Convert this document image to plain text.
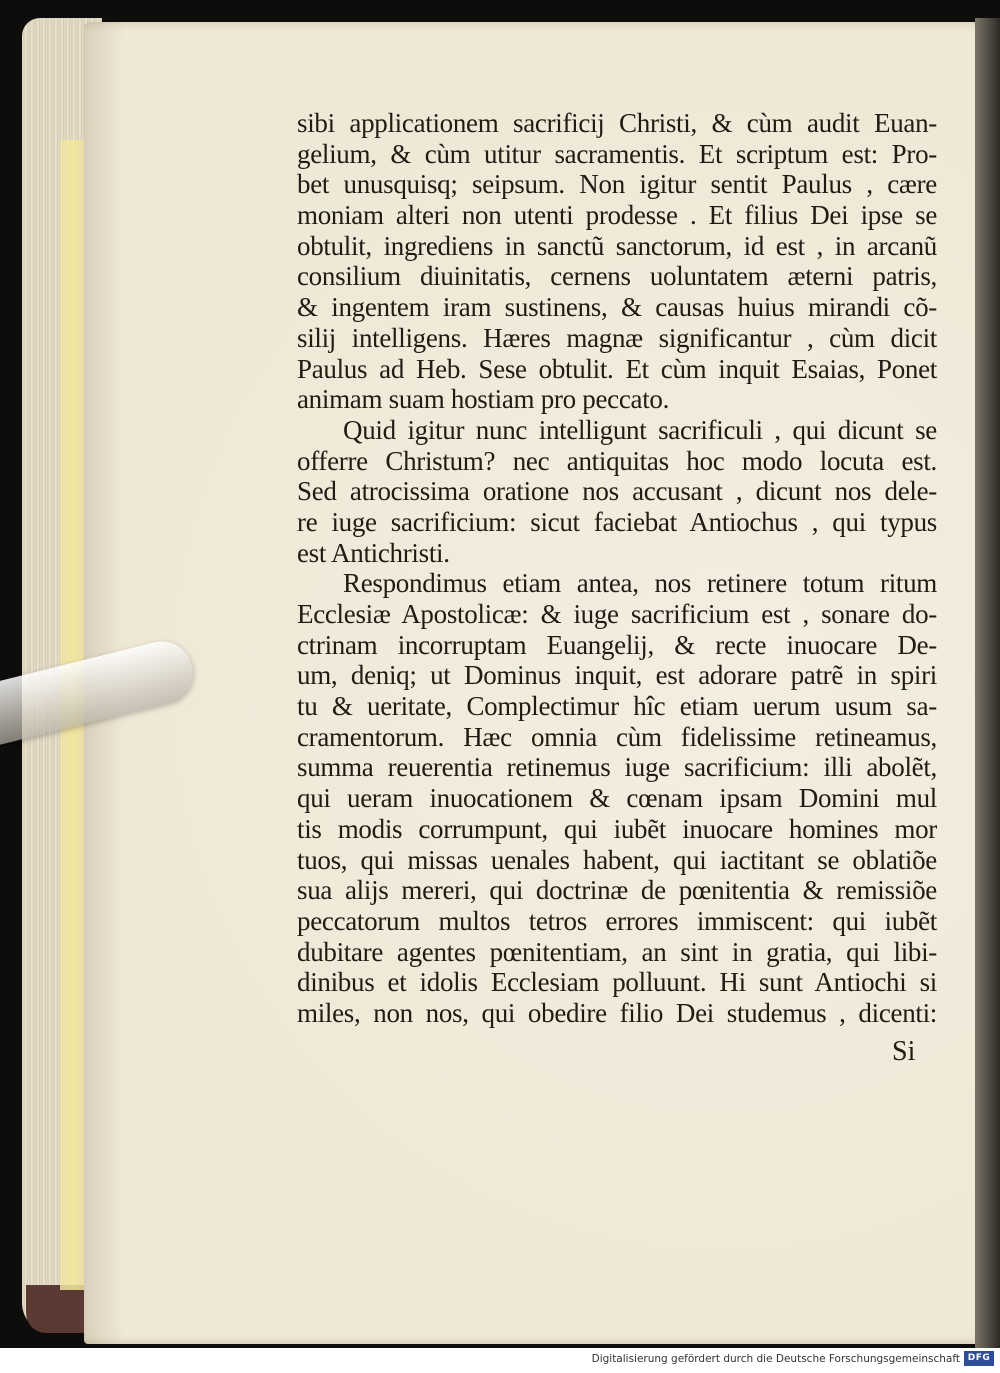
sibi applicationem sacrificij Christi, & cùm audit Euan-
gelium, & cùm utitur sacramentis. Et scriptum est: Pro-
bet unusquisq; seipsum. Non igitur sentit Paulus , cære
moniam alteri non utenti prodesse . Et filius Dei ipse se
obtulit, ingrediens in sanctũ sanctorum, id est , in arcanũ
consilium diuinitatis, cernens uoluntatem æterni patris,
& ingentem iram sustinens, & causas huius mirandi cõ-
silij intelligens. Hæres magnæ significantur , cùm dicit
Paulus ad Heb. Sese obtulit. Et cùm inquit Esaias, Ponet
animam suam hostiam pro peccato.
Quid igitur nunc intelligunt sacrificuli , qui dicunt se
offerre Christum? nec antiquitas hoc modo locuta est.
Sed atrocissima oratione nos accusant , dicunt nos dele-
re iuge sacrificium: sicut faciebat Antiochus , qui typus
est Antichristi.
Respondimus etiam antea, nos retinere totum ritum
Ecclesiæ Apostolicæ: & iuge sacrificium est , sonare do-
ctrinam incorruptam Euangelij, & recte inuocare De-
um, deniq; ut Dominus inquit, est adorare patrẽ in spiri
tu & ueritate, Complectimur hîc etiam uerum usum sa-
cramentorum. Hæc omnia cùm fidelissime retineamus,
summa reuerentia retinemus iuge sacrificium: illi abolẽt,
qui ueram inuocationem & cœnam ipsam Domini mul
tis modis corrumpunt, qui iubẽt inuocare homines mor
tuos, qui missas uenales habent, qui iactitant se oblatiõe
sua alijs mereri, qui doctrinæ de pœnitentia & remissiõe
peccatorum multos tetros errores immiscent: qui iubẽt
dubitare agentes pœnitentiam, an sint in gratia, qui libi-
dinibus et idolis Ecclesiam polluunt. Hi sunt Antiochi si
miles, non nos, qui obedire filio Dei studemus , dicenti:
Si
Digitalisierung gefördert durch die Deutsche Forschungsgemeinschaft DFG
